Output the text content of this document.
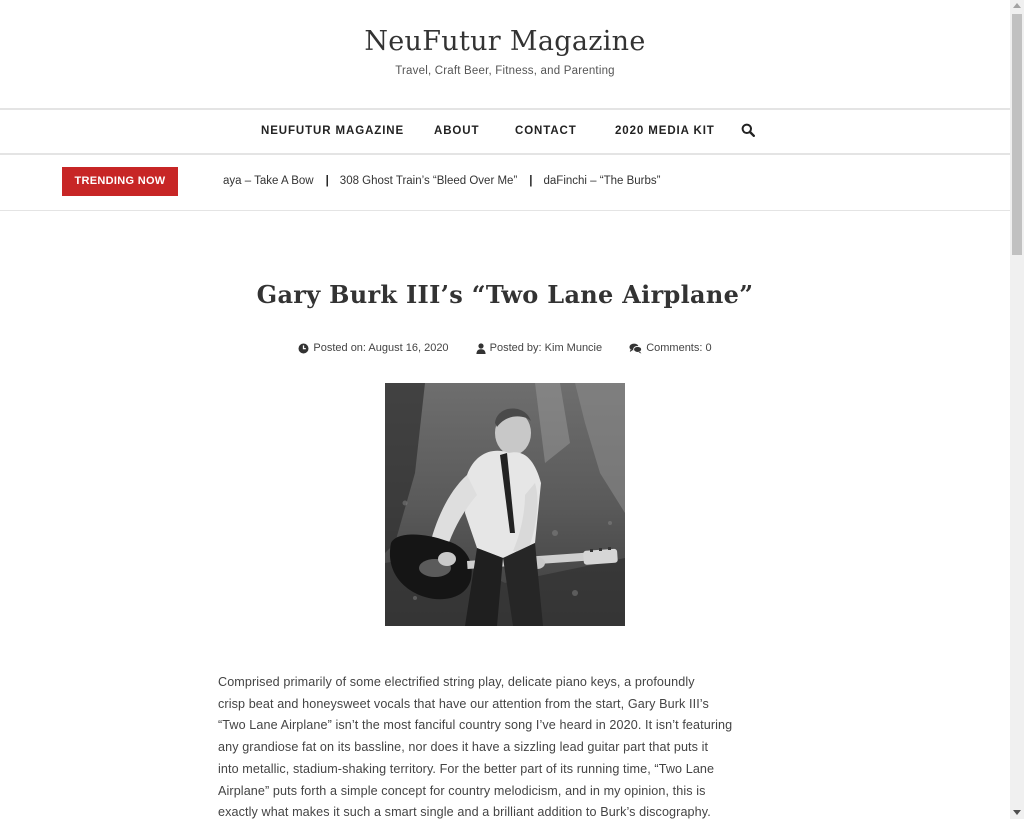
NeuFutur Magazine
Travel, Craft Beer, Fitness, and Parenting
NEUFUTUR MAGAZINE	ABOUT	CONTACT	2020 MEDIA KIT
TRENDING NOW	aya – Take A Bow | 308 Ghost Train’s “Bleed Over Me” | daFinchi – “The Burbs”
Gary Burk III’s “Two Lane Airplane”
Posted on: August 16, 2020
	Posted by: Kim Muncie
	Comments: 0
Comprised primarily of some electrified string play, delicate piano keys, a profoundly
crisp beat and honeysweet vocals that have our attention from the start, Gary Burk III’s
“Two Lane Airplane” isn’t the most fanciful country song I’ve heard in 2020. It isn’t featuring
any grandiose fat on its bassline, nor does it have a sizzling lead guitar part that puts it
into metallic, stadium-shaking territory. For the better part of its running time, “Two Lane
Airplane” puts forth a simple concept for country melodicism, and in my opinion, this is
exactly what makes it such a smart single and a brilliant addition to Burk’s discography.
